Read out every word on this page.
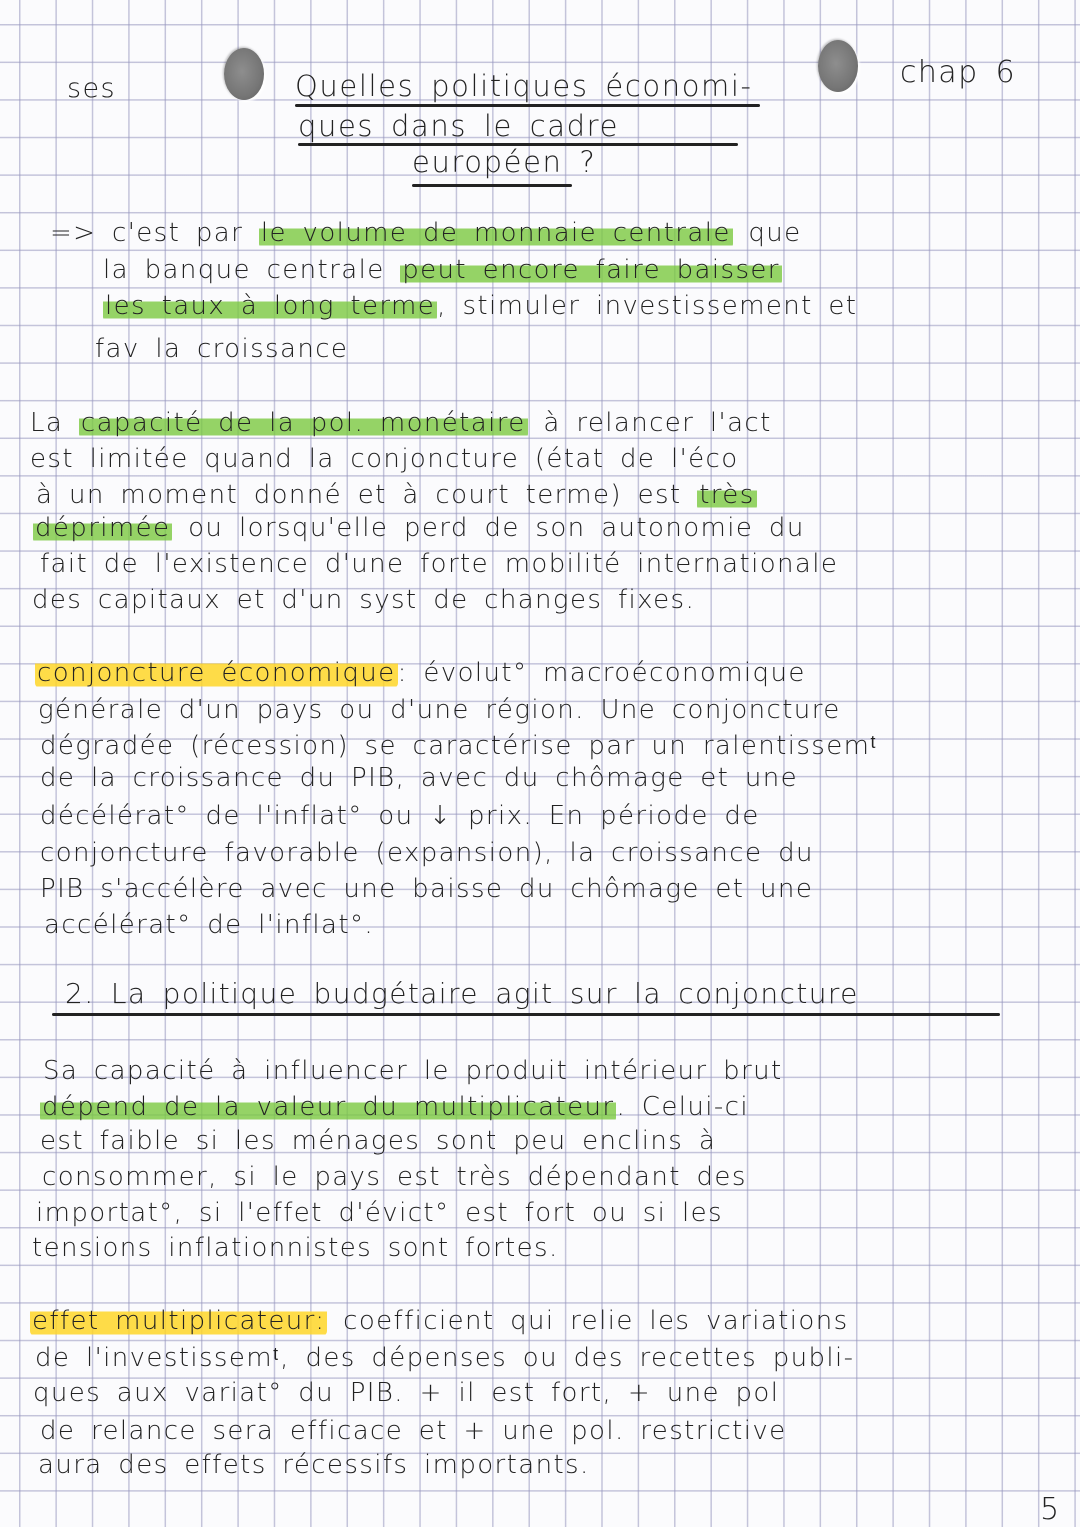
ses	chap 6
Quelles politiques économi-
ques dans le cadre
européen ?
=> c'est par le volume de monnaie centrale que
la banque centrale peut encore faire baisser
les taux à long terme, stimuler investissement et
fav la croissance
La capacité de la pol. monétaire à relancer l'act
est limitée quand la conjoncture (état de l'éco
à un moment donné et à court terme) est très
déprimée ou lorsqu'elle perd de son autonomie du
fait de l'existence d'une forte mobilité internationale
des capitaux et d'un syst de changes fixes.
conjoncture économique: évolut° macroéconomique
générale d'un pays ou d'une région. Une conjoncture
dégradée (récession) se caractérise par un ralentissemᵗ
de la croissance du PIB, avec du chômage et une
décélérat° de l'inflat° ou ↓ prix. En période de
conjoncture favorable (expansion), la croissance du
PIB s'accélère avec une baisse du chômage et une
accélérat° de l'inflat°.
2. La politique budgétaire agit sur la conjoncture
Sa capacité à influencer le produit intérieur brut
dépend de la valeur du multiplicateur. Celui-ci
est faible si les ménages sont peu enclins à
consommer, si le pays est très dépendant des
importat°, si l'effet d'évict° est fort ou si les
tensions inflationnistes sont fortes.
effet multiplicateur: coefficient qui relie les variations
de l'investissemᵗ, des dépenses ou des recettes publi-
ques aux variat° du PIB. + il est fort, + une pol
de relance sera efficace et + une pol. restrictive
aura des effets récessifs importants.
5
